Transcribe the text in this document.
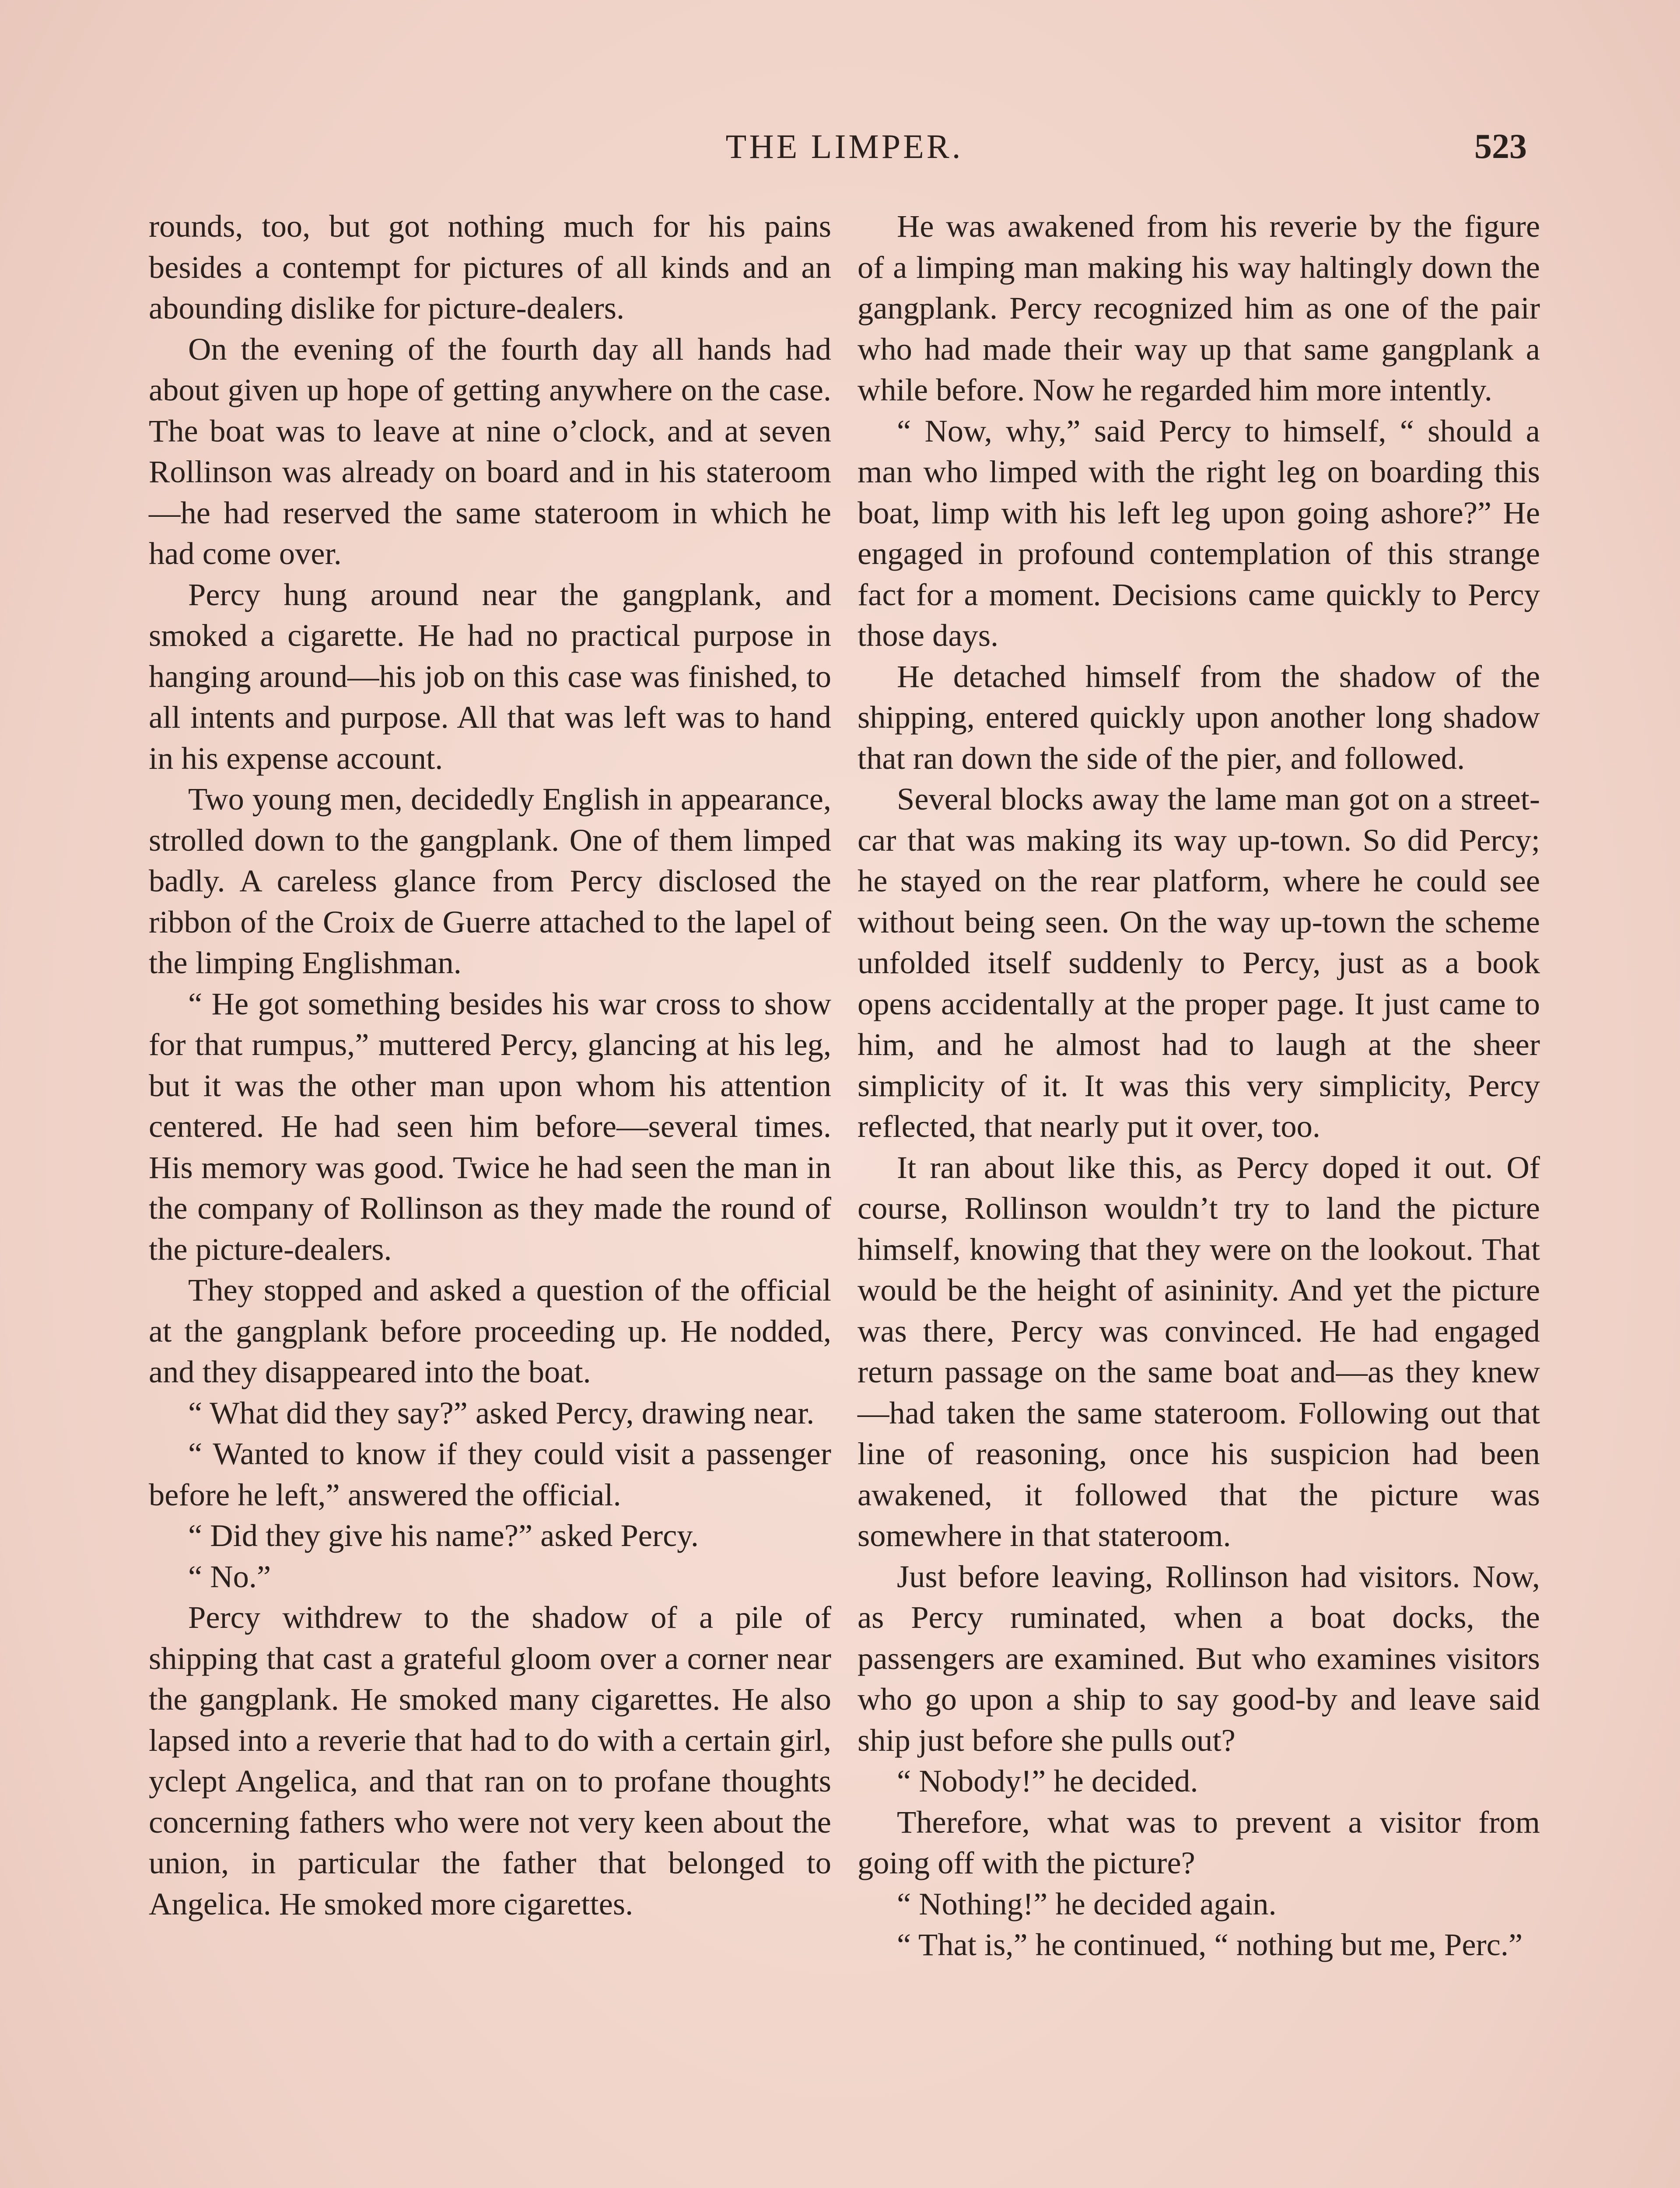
THE LIMPER.	523

rounds, too, but got nothing much for his pains besides a contempt for pictures of all kinds and an abounding dislike for picture-dealers.

On the evening of the fourth day all hands had about given up hope of getting anywhere on the case. The boat was to leave at nine o’clock, and at seven Rollinson was already on board and in his stateroom—he had reserved the same stateroom in which he had come over.

Percy hung around near the gangplank, and smoked a cigarette. He had no practical purpose in hanging around—his job on this case was finished, to all intents and purpose. All that was left was to hand in his expense account.

Two young men, decidedly English in appearance, strolled down to the gangplank. One of them limped badly. A careless glance from Percy disclosed the ribbon of the Croix de Guerre attached to the lapel of the limping Englishman.

“ He got something besides his war cross to show for that rumpus,” muttered Percy, glancing at his leg, but it was the other man upon whom his attention centered. He had seen him before—several times. His memory was good. Twice he had seen the man in the company of Rollinson as they made the round of the picture-dealers.

They stopped and asked a question of the official at the gangplank before proceeding up. He nodded, and they disappeared into the boat.

“ What did they say?” asked Percy, drawing near.

“ Wanted to know if they could visit a passenger before he left,” answered the official.

“ Did they give his name?” asked Percy.

“ No.”

Percy withdrew to the shadow of a pile of shipping that cast a grateful gloom over a corner near the gangplank. He smoked many cigarettes. He also lapsed into a reverie that had to do with a certain girl, yclept Angelica, and that ran on to profane thoughts concerning fathers who were not very keen about the union, in particular the father that belonged to Angelica. He smoked more cigarettes.

He was awakened from his reverie by the figure of a limping man making his way haltingly down the gangplank. Percy recognized him as one of the pair who had made their way up that same gangplank a while before. Now he regarded him more intently.

“ Now, why,” said Percy to himself, “ should a man who limped with the right leg on boarding this boat, limp with his left leg upon going ashore?” He engaged in profound contemplation of this strange fact for a moment. Decisions came quickly to Percy those days.

He detached himself from the shadow of the shipping, entered quickly upon another long shadow that ran down the side of the pier, and followed.

Several blocks away the lame man got on a street-car that was making its way up-town. So did Percy; he stayed on the rear platform, where he could see without being seen. On the way up-town the scheme unfolded itself suddenly to Percy, just as a book opens accidentally at the proper page. It just came to him, and he almost had to laugh at the sheer simplicity of it. It was this very simplicity, Percy reflected, that nearly put it over, too.

It ran about like this, as Percy doped it out. Of course, Rollinson wouldn’t try to land the picture himself, knowing that they were on the lookout. That would be the height of asininity. And yet the picture was there, Percy was convinced. He had engaged return passage on the same boat and—as they knew—had taken the same stateroom. Following out that line of reasoning, once his suspicion had been awakened, it followed that the picture was somewhere in that stateroom.

Just before leaving, Rollinson had visitors. Now, as Percy ruminated, when a boat docks, the passengers are examined. But who examines visitors who go upon a ship to say good-by and leave said ship just before she pulls out?

“ Nobody!” he decided.

Therefore, what was to prevent a visitor from going off with the picture?

“ Nothing!” he decided again.

“ That is,” he continued, “ nothing but me, Perc.”
